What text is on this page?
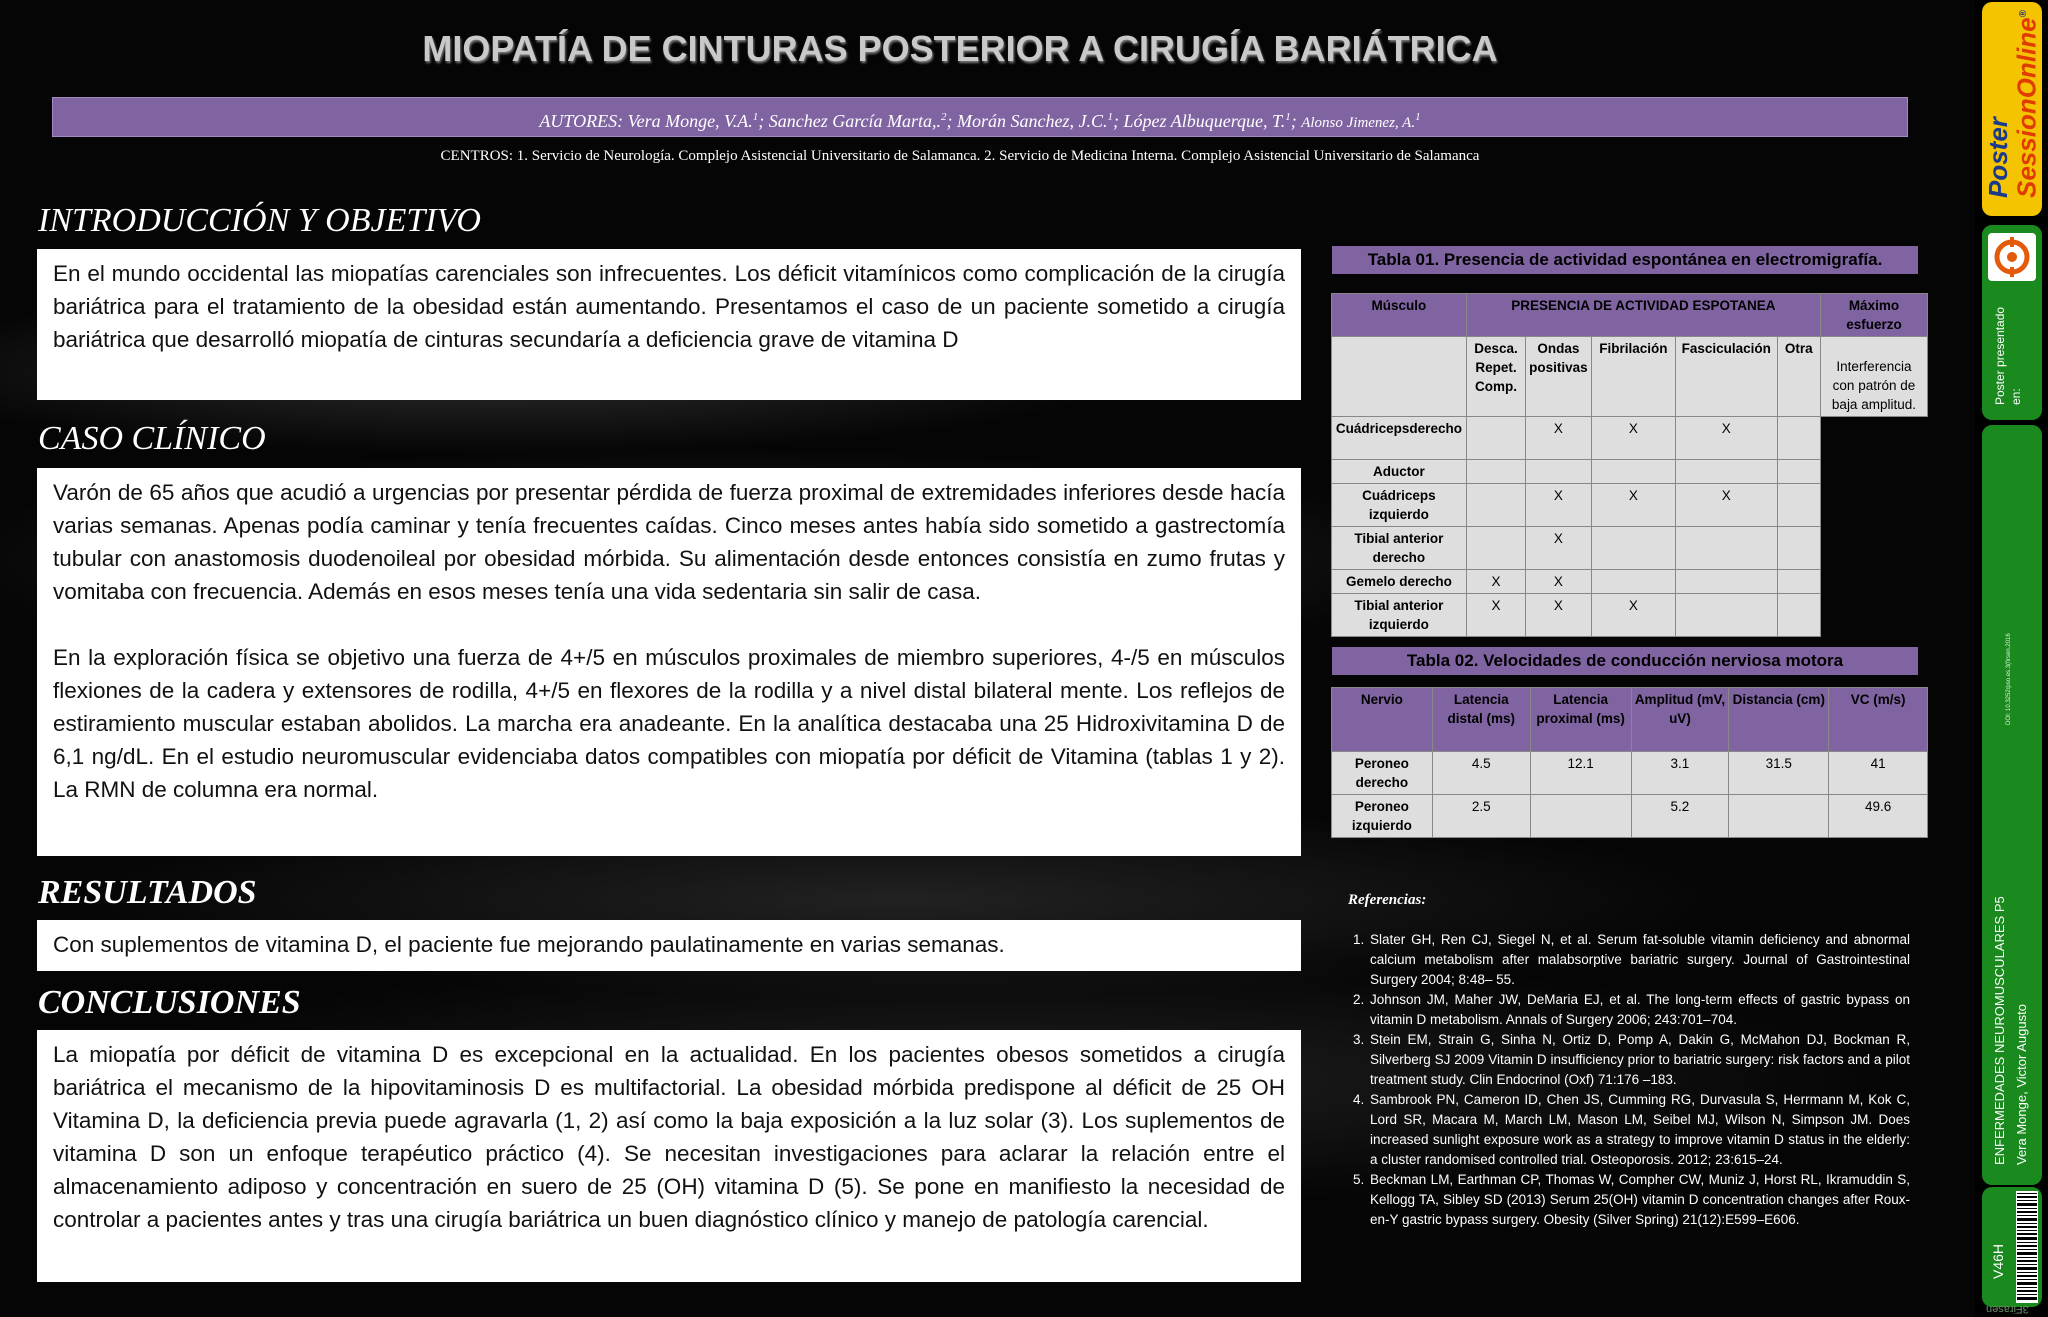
MIOPATÍA DE CINTURAS POSTERIOR A CIRUGÍA BARIÁTRICA
AUTORES: Vera Monge, V.A.$^1$; Sanchez García Marta,.$^2$; Morán Sanchez, J.C.$^1$; López Albuquerque, T.$^1$; Alonso Jimenez, A.$^1$
CENTROS: 1. Servicio de Neurología. Complejo Asistencial Universitario de Salamanca. 2. Servicio de Medicina Interna. Complejo Asistencial Universitario de Salamanca
INTRODUCCIÓN Y OBJETIVO

En el mundo occidental las miopatías carenciales son infrecuentes. Los déficit vitamínicos como complicación de la cirugía bariátrica para el tratamiento de la obesidad están aumentando. Presentamos el caso de un paciente sometido a cirugía bariátrica que desarrolló miopatía de cinturas secundaría a deficiencia grave de vitamina D

CASO CLÍNICO

Varón de 65 años que acudió a urgencias por presentar pérdida de fuerza proximal de extremidades inferiores desde hacía varias semanas. Apenas podía caminar y tenía frecuentes caídas. Cinco meses antes había sido sometido a gastrectomía tubular con anastomosis duodenoileal por obesidad mórbida. Su alimentación desde entonces consistía en zumo frutas y vomitaba con frecuencia. Además en esos meses tenía una vida sedentaria sin salir de casa.

En la exploración física se objetivo una fuerza de 4+/5 en músculos proximales de miembro superiores, 4-/5 en músculos flexiones de la cadera y extensores de rodilla, 4+/5 en flexores de la rodilla y a nivel distal bilateral mente. Los reflejos de estiramiento muscular estaban abolidos. La marcha era anadeante. En la analítica destacaba una 25 Hidroxivitamina D de 6,1 ng/dL. En el estudio neuromuscular evidenciaba datos compatibles con miopatía por déficit de Vitamina (tablas 1 y 2). La RMN de columna era normal.

RESULTADOS

Con suplementos de vitamina D, el paciente fue mejorando paulatinamente en varias semanas.

CONCLUSIONES

La miopatía por déficit de vitamina D es excepcional en la actualidad. En los pacientes obesos sometidos a cirugía bariátrica el mecanismo de la hipovitaminosis D es multifactorial. La obesidad mórbida predispone al déficit de 25 OH Vitamina D, la deficiencia previa puede agravarla (1, 2) así como la baja exposición a la luz solar (3). Los suplementos de vitamina D son un enfoque terapéutico práctico (4). Se necesitan investigaciones para aclarar la relación entre el almacenamiento adiposo y concentración en suero de 25 (OH) vitamina D (5). Se pone en manifiesto la necesidad de controlar a pacientes antes y tras una cirugía bariátrica un buen diagnóstico clínico y manejo de patología carencial.

Tabla 01. Presencia de actividad espontánea en electromigrafía.
Músculo	PRESENCIA DE ACTIVIDAD ESPOTANEA					Máximo esfuerzo
	Desca. Repet. Comp.	Ondas positivas	Fibrilación	Fasciculación	Otra	Interferencia con patrón de baja amplitud.
Cuádricepsderecho		X	X	X		
Aductor						
Cuádriceps izquierdo		X	X	X		
Tibial anterior derecho		X				
Gemelo derecho	X	X				
Tibial anterior izquierdo	X	X	X			
Tabla 02. Velocidades de conducción nerviosa motora
Nervio	Latencia distal (ms)	Latencia proximal (ms)	Amplitud (mV, uV)	Distancia (cm)	VC (m/s)
Peroneo derecho	4.5	12.1	3.1	31.5	41
Peroneo izquierdo	2.5		5.2		49.6
Referencias:
1. Slater GH, Ren CJ, Siegel N, et al. Serum fat-soluble vitamin deficiency and abnormal calcium metabolism after malabsorptive bariatric surgery. Journal of Gastrointestinal Surgery 2004; 8:48– 55.
2. Johnson JM, Maher JW, DeMaria EJ, et al. The long-term effects of gastric bypass on vitamin D metabolism. Annals of Surgery 2006; 243:701–704.
3. Stein EM, Strain G, Sinha N, Ortiz D, Pomp A, Dakin G, McMahon DJ, Bockman R, Silverberg SJ 2009 Vitamin D insufficiency prior to bariatric surgery: risk factors and a pilot treatment study. Clin Endocrinol (Oxf) 71:176 –183.
4. Sambrook PN, Cameron ID, Chen JS, Cumming RG, Durvasula S, Herrmann M, Kok C, Lord SR, Macara M, March LM, Mason LM, Seibel MJ, Wilson N, Simpson JM. Does increased sunlight exposure work as a strategy to improve vitamin D status in the elderly: a cluster randomised controlled trial. Osteoporosis. 2012; 23:615–24.
5. Beckman LM, Earthman CP, Thomas W, Compher CW, Muniz J, Horst RL, Ikramuddin S, Kellogg TA, Sibley SD (2013) Serum 25(OH) vitamin D concentration changes after Roux-en-Y gastric bypass surgery. Obesity (Silver Spring) 21(12):E599–E606.
Poster
SessionOnline®
Poster presentado en:
DOI: 10.3252/pso.es.3(firsen.2016
ENFERMEDADES NEUROMUSCULARES P5 Vera Monge, Victor Augusto
V46H
3Firasen
